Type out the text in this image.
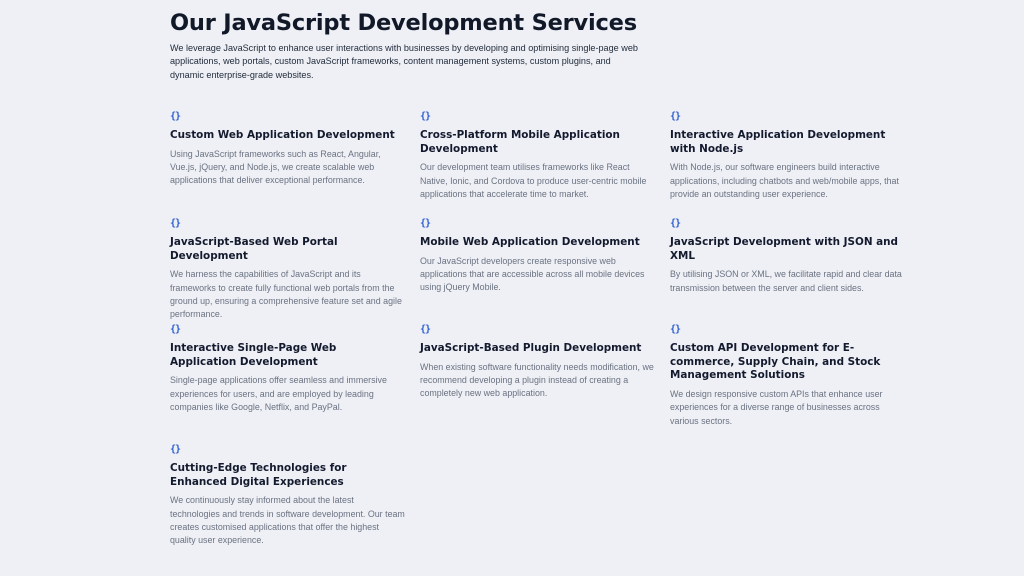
Our JavaScript Development Services

We leverage JavaScript to enhance user interactions with businesses by developing and optimising single-page web applications, web portals, custom JavaScript frameworks, content management systems, custom plugins, and dynamic enterprise-grade websites.

{}
Custom Web Application Development

Using JavaScript frameworks such as React, Angular, Vue.js, jQuery, and Node.js, we create scalable web applications that deliver exceptional performance.

{}
Cross-Platform Mobile Application Development

Our development team utilises frameworks like React Native, Ionic, and Cordova to produce user-centric mobile applications that accelerate time to market.

{}
Interactive Application Development with Node.js

With Node.js, our software engineers build interactive applications, including chatbots and web/mobile apps, that provide an outstanding user experience.

{}
JavaScript-Based Web Portal Development

We harness the capabilities of JavaScript and its frameworks to create fully functional web portals from the ground up, ensuring a comprehensive feature set and agile performance.

{}
Mobile Web Application Development

Our JavaScript developers create responsive web applications that are accessible across all mobile devices using jQuery Mobile.

{}
JavaScript Development with JSON and XML

By utilising JSON or XML, we facilitate rapid and clear data transmission between the server and client sides.

{}
Interactive Single-Page Web Application Development

Single-page applications offer seamless and immersive experiences for users, and are employed by leading companies like Google, Netflix, and PayPal.

{}
JavaScript-Based Plugin Development

When existing software functionality needs modification, we recommend developing a plugin instead of creating a completely new web application.

{}
Custom API Development for E-commerce, Supply Chain, and Stock Management Solutions

We design responsive custom APIs that enhance user experiences for a diverse range of businesses across various sectors.

{}
Cutting-Edge Technologies for Enhanced Digital Experiences

We continuously stay informed about the latest technologies and trends in software development. Our team creates customised applications that offer the highest quality user experience.
